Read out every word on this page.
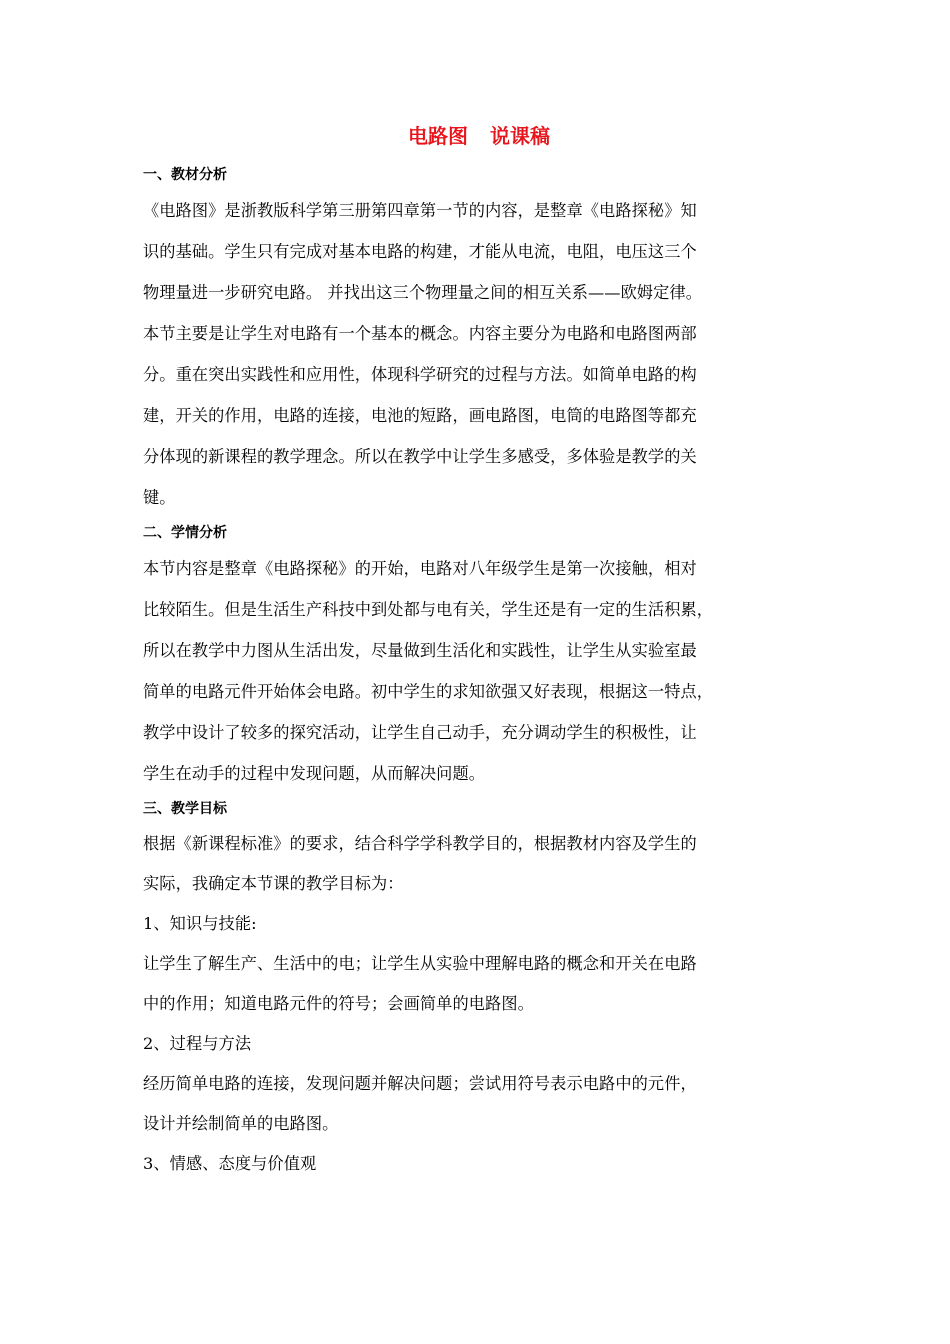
电路图 说课稿
一、教材分析
《电路图》是浙教版科学第三册第四章第一节的内容，是整章《电路探秘》知
识的基础。学生只有完成对基本电路的构建，才能从电流，电阻，电压这三个
物理量进一步研究电路。 并找出这三个物理量之间的相互关系——欧姆定律。
本节主要是让学生对电路有一个基本的概念。内容主要分为电路和电路图两部
分。重在突出实践性和应用性，体现科学研究的过程与方法。如简单电路的构
建，开关的作用，电路的连接，电池的短路，画电路图，电筒的电路图等都充
分体现的新课程的教学理念。所以在教学中让学生多感受，多体验是教学的关
键。
二、学情分析
本节内容是整章《电路探秘》的开始，电路对八年级学生是第一次接触，相对
比较陌生。但是生活生产科技中到处都与电有关，学生还是有一定的生活积累，
所以在教学中力图从生活出发，尽量做到生活化和实践性，让学生从实验室最
简单的电路元件开始体会电路。初中学生的求知欲强又好表现，根据这一特点，
教学中设计了较多的探究活动，让学生自己动手，充分调动学生的积极性，让
学生在动手的过程中发现问题，从而解决问题。
三、教学目标
根据《新课程标准》的要求，结合科学学科教学目的，根据教材内容及学生的
实际，我确定本节课的教学目标为：
1、知识与技能:
让学生了解生产、生活中的电；让学生从实验中理解电路的概念和开关在电路
中的作用；知道电路元件的符号；会画简单的电路图。
2、过程与方法
经历简单电路的连接，发现问题并解决问题；尝试用符号表示电路中的元件，
设计并绘制简单的电路图。
3、情感、态度与价值观
